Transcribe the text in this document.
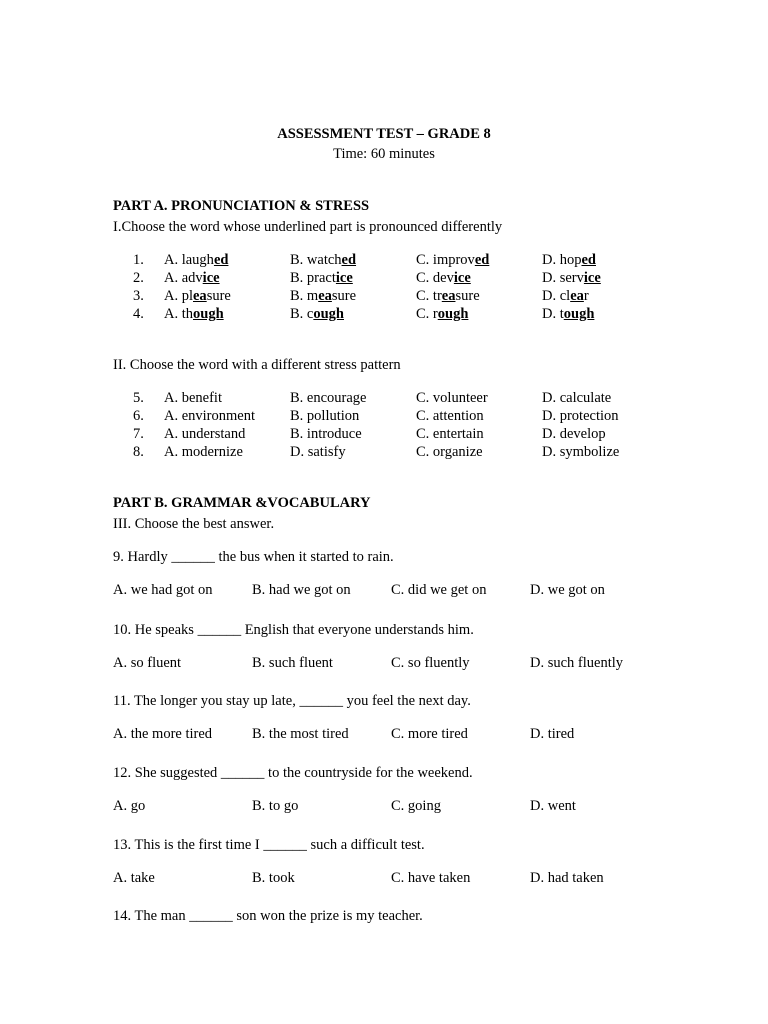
ASSESSMENT TEST – GRADE 8
Time: 60 minutes
PART A. PRONUNCIATION & STRESS
I.Choose the word whose underlined part is pronounced differently
1. A. laughed	B. watched	C. improved	D. hoped
2. A. advice	B. practice	C. device	D. service
3. A. pleasure	B. measure	C. treasure	D. clear
4. A. though	B. cough	C. rough	D. tough
II. Choose the word with a different stress pattern
5. A. benefit	B. encourage	C. volunteer	D. calculate
6. A. environment B. pollution	C. attention	D. protection
7. A. understand	B. introduce	C. entertain	D. develop
8. A. modernize	D. satisfy	C. organize	D. symbolize
PART B. GRAMMAR &VOCABULARY
III. Choose the best answer.
9. Hardly ______ the bus when it started to rain.
A. we had got on	B. had we got on	C. did we get on	D. we got on
10. He speaks ______ English that everyone understands him.
A. so fluent	B. such fluent	C. so fluently	D. such fluently
11. The longer you stay up late, ______ you feel the next day.
A. the more tired	B. the most tired	C. more tired	D. tired
12. She suggested ______ to the countryside for the weekend.
A. go	B. to go	C. going	D. went
13. This is the first time I ______ such a difficult test.
A. take	B. took	C. have taken	D. had taken
14. The man ______ son won the prize is my teacher.
